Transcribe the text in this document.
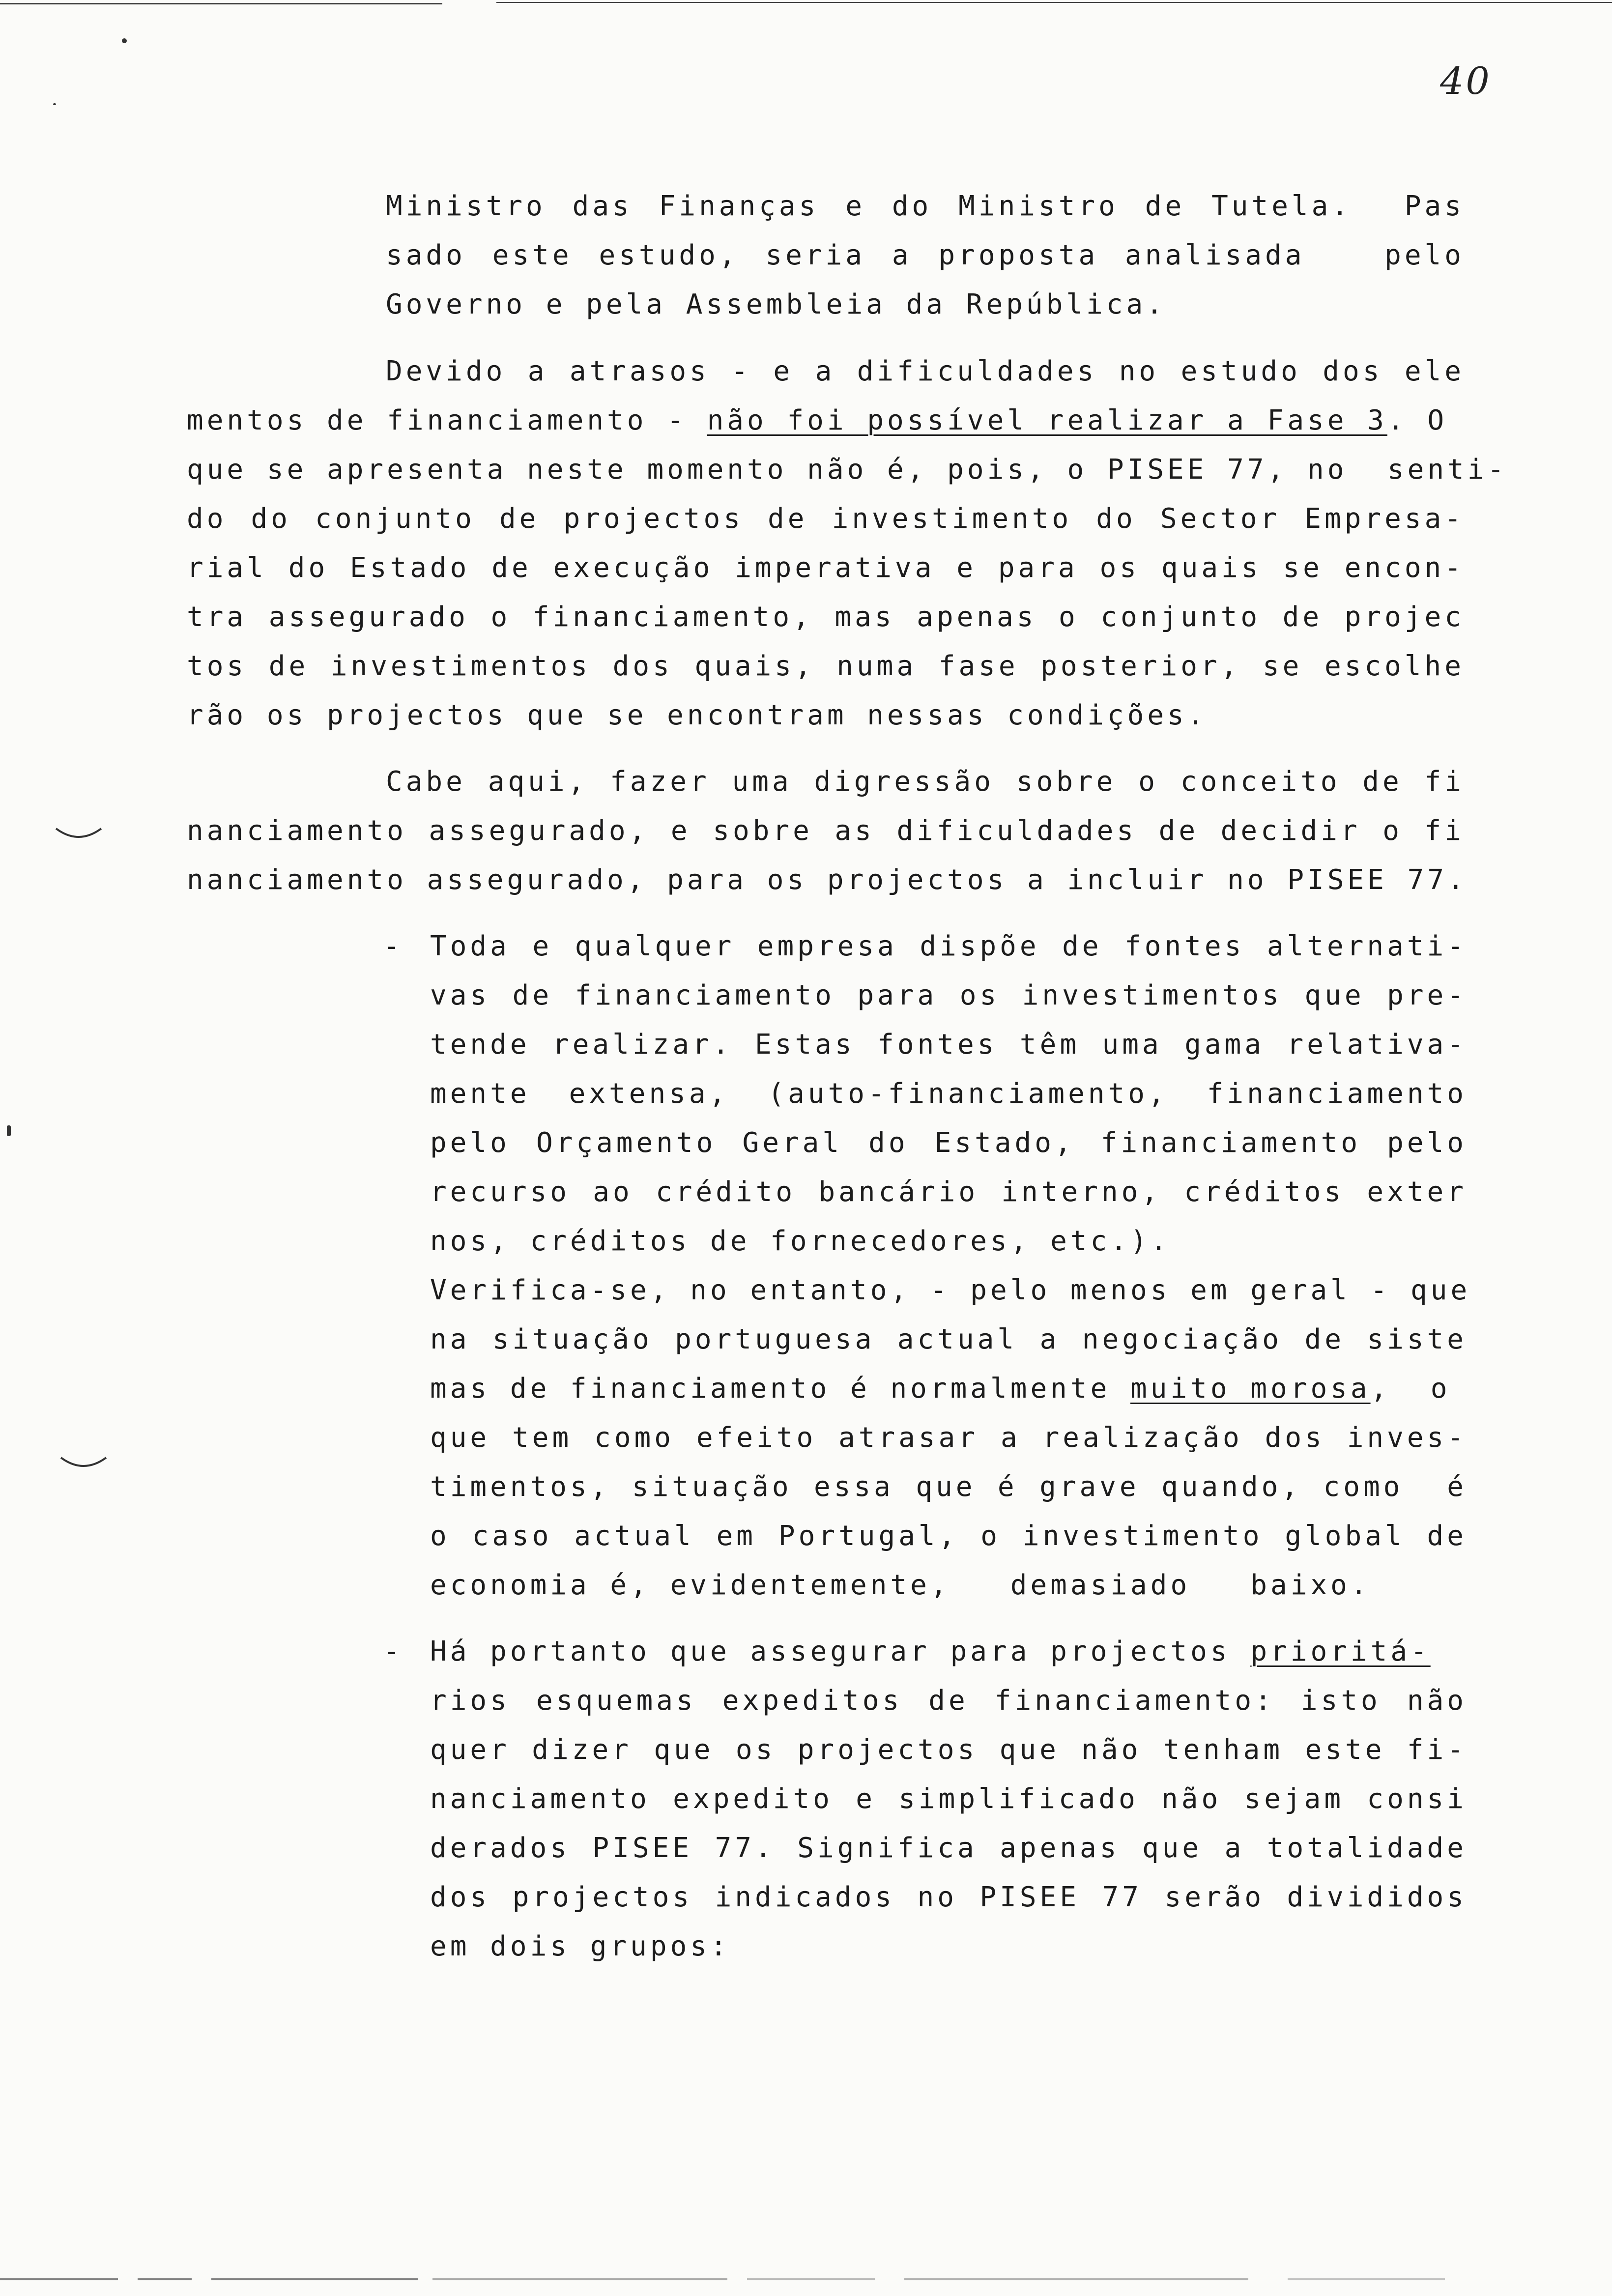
40
Ministro das Finanças e do Ministro de Tutela.  Pas
sado este estudo, seria a proposta analisada   pelo
Governo e pela Assembleia da República.
Devido a atrasos - e a dificuldades no estudo dos ele
mentos de financiamento - não foi possível realizar a Fase 3. O
que se apresenta neste momento não é, pois, o PISEE 77, no  senti-
do do conjunto de projectos de investimento do Sector Empresa-
rial do Estado de execução imperativa e para os quais se encon-
tra assegurado o financiamento, mas apenas o conjunto de projec
tos de investimentos dos quais, numa fase posterior, se escolhe
rão os projectos que se encontram nessas condições.
Cabe aqui, fazer uma digressão sobre o conceito de fi
nanciamento assegurado, e sobre as dificuldades de decidir o fi
nanciamento assegurado, para os projectos a incluir no PISEE 77.
- Toda e qualquer empresa dispõe de fontes alternati-
vas de financiamento para os investimentos que pre-
tende realizar. Estas fontes têm uma gama relativa-
mente extensa, (auto-financiamento, financiamento
pelo Orçamento Geral do Estado, financiamento pelo
recurso ao crédito bancário interno, créditos exter
nos, créditos de fornecedores, etc.).
Verifica-se, no entanto, - pelo menos em geral - que
na situação portuguesa actual a negociação de siste
mas de financiamento é normalmente muito morosa,  o
que tem como efeito atrasar a realização dos inves-
timentos, situação essa que é grave quando, como  é
o caso actual em Portugal, o investimento global de
economia é, evidentemente,   demasiado   baixo.
- Há portanto que assegurar para projectos prioritá-
rios esquemas expeditos de financiamento: isto não
quer dizer que os projectos que não tenham este fi-
nanciamento expedito e simplificado não sejam consi
derados PISEE 77. Significa apenas que a totalidade
dos projectos indicados no PISEE 77 serão divididos
em dois grupos:
